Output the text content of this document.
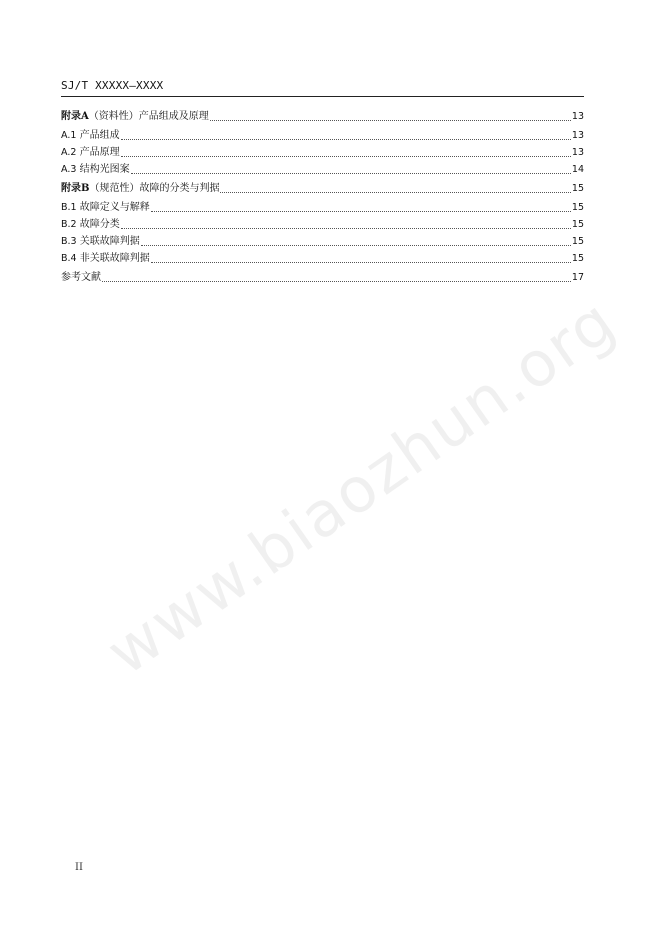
www.biaozhun.org
SJ/T XXXXX—XXXX
附录A（资料性）产品组成及原理	13
A.1 产品组成	13
A.2 产品原理	13
A.3 结构光图案	14
附录B（规范性）故障的分类与判据	15
B.1 故障定义与解释	15
B.2 故障分类	15
B.3 关联故障判据	15
B.4 非关联故障判据	15
参考文献	17
II
